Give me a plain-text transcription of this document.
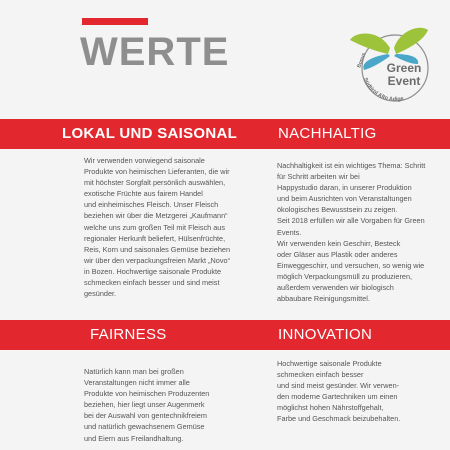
WERTE	Green
Event
Südtirol Alto Adige
Bonus
LOKAL UND SAISONAL	NACHHALTIG
Wir verwenden vorwiegend saisonale
Produkte von heimischen Lieferanten, die wir
mit höchster Sorgfalt persönlich auswählen,
exotische Früchte aus fairem Handel
und einheimisches Fleisch. Unser Fleisch
beziehen wir über die Metzgerei „Kaufmann“
welche uns zum großen Teil mit Fleisch aus
regionaler Herkunft beliefert, Hülsenfrüchte,
Reis, Korn und saisonales Gemüse beziehen
wir über den verpackungsfreien Markt „Novo“
in Bozen. Hochwertige saisonale Produkte
schmecken einfach besser und sind meist
gesünder.
Nachhaltigkeit ist ein wichtiges Thema: Schritt
für Schritt arbeiten wir bei
Happystudio daran, in unserer Produktion
und beim Ausrichten von Veranstaltungen
ökologisches Bewusstsein zu zeigen.
Seit 2018 erfüllen wir alle Vorgaben für Green
Events.
Wir verwenden kein Geschirr, Besteck
oder Gläser aus Plastik oder anderes
Einweggeschirr, und versuchen, so wenig wie
möglich Verpackungsmüll zu produzieren,
außerdem verwenden wir biologisch
abbaubare Reinigungsmittel.
FAIRNESS	INNOVATION
Natürlich kann man bei großen
Veranstaltungen nicht immer alle
Produkte von heimischen Produzenten
beziehen, hier liegt unser Augenmerk
bei der Auswahl von gentechnikfreiem
und natürlich gewachsenem Gemüse
und Eiern aus Freilandhaltung.
Hochwertige saisonale Produkte
schmecken einfach besser
und sind meist gesünder. Wir verwen-
den moderne Gartechniken um einen
möglichst hohen Nährstoffgehalt,
Farbe und Geschmack beizubehalten.
